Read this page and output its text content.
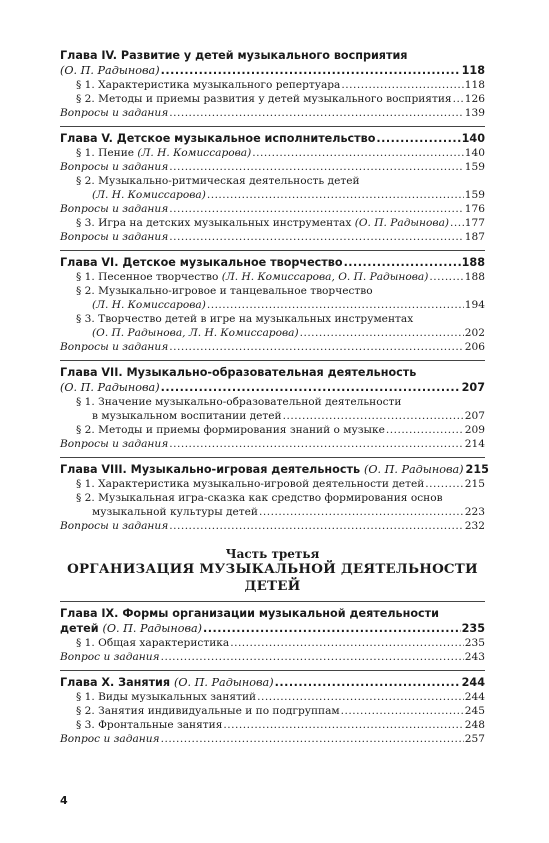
Глава IV. Развитие у детей музыкального восприятия
(О. П. Радынова) .....	118
§ 1. Характеристика музыкального репертуара .....	118
§ 2. Методы и приемы развития у детей музыкального восприятия ..... 126
Вопросы и задания .....	139
Глава V. Детское музыкальное исполнительство .....	140
§ 1. Пение (Л. Н. Комиссарова) .....	140
Вопросы и задания .....	159
§ 2. Музыкально-ритмическая деятельность детей
(Л. Н. Комиссарова) .....	159
Вопросы и задания .....	176
§ 3. Игра на детских музыкальных инструментах (О. П. Радынова) ..... 177
Вопросы и задания .....	187
Глава VI. Детское музыкальное творчество .....	188
§ 1. Песенное творчество (Л. Н. Комиссарова, О. П. Радынова) .....	188
§ 2. Музыкально-игровое и танцевальное творчество
(Л. Н. Комиссарова) .....	194
§ 3. Творчество детей в игре на музыкальных инструментах
(О. П. Радынова, Л. Н. Комиссарова) .....	202
Вопросы и задания .....	206
Глава VII. Музыкально-образовательная деятельность
(О. П. Радынова) .....	207
§ 1. Значение музыкально-образовательной деятельности
в музыкальном воспитании детей .....	207
§ 2. Методы и приемы формирования знаний о музыке .....	209
Вопросы и задания .....	214
Глава VIII. Музыкально-игровая деятельность (О. П. Радынова) 215
§ 1. Характеристика музыкально-игровой деятельности детей .....	215
§ 2. Музыкальная игра-сказка как средство формирования основ
музыкальной культуры детей .....	223
Вопросы и задания .....	232
Часть третья
ОРГАНИЗАЦИЯ МУЗЫКАЛЬНОЙ ДЕЯТЕЛЬНОСТИ ДЕТЕЙ
Глава IX. Формы организации музыкальной деятельности
детей (О. П. Радынова) .....	235
§ 1. Общая характеристика .....	235
Вопрос и задания .....	243
Глава X. Занятия (О. П. Радынова) .....	244
§ 1. Виды музыкальных занятий .....	244
§ 2. Занятия индивидуальные и по подгруппам .....	245
§ 3. Фронтальные занятия .....	248
Вопрос и задания .....	257
4
